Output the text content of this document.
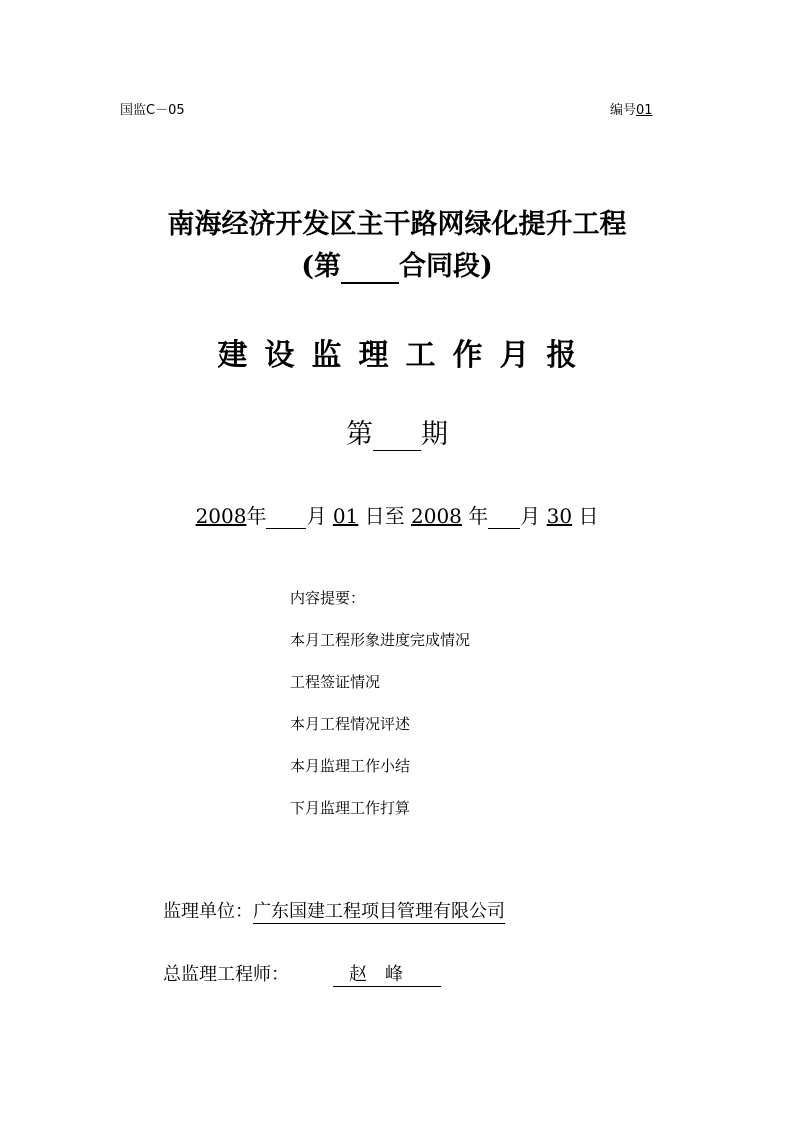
国监C－05	编号01
南海经济开发区主干路网绿化提升工程
(第 合同段)
建设监理工作月报
第 期
2008年 月 01 日至 2008 年 月 30 日
内容提要：
本月工程形象进度完成情况
工程签证情况
本月工程情况评述
本月监理工作小结
下月监理工作打算
监理单位：广东国建工程项目管理有限公司
总监理工程师：	赵峰
